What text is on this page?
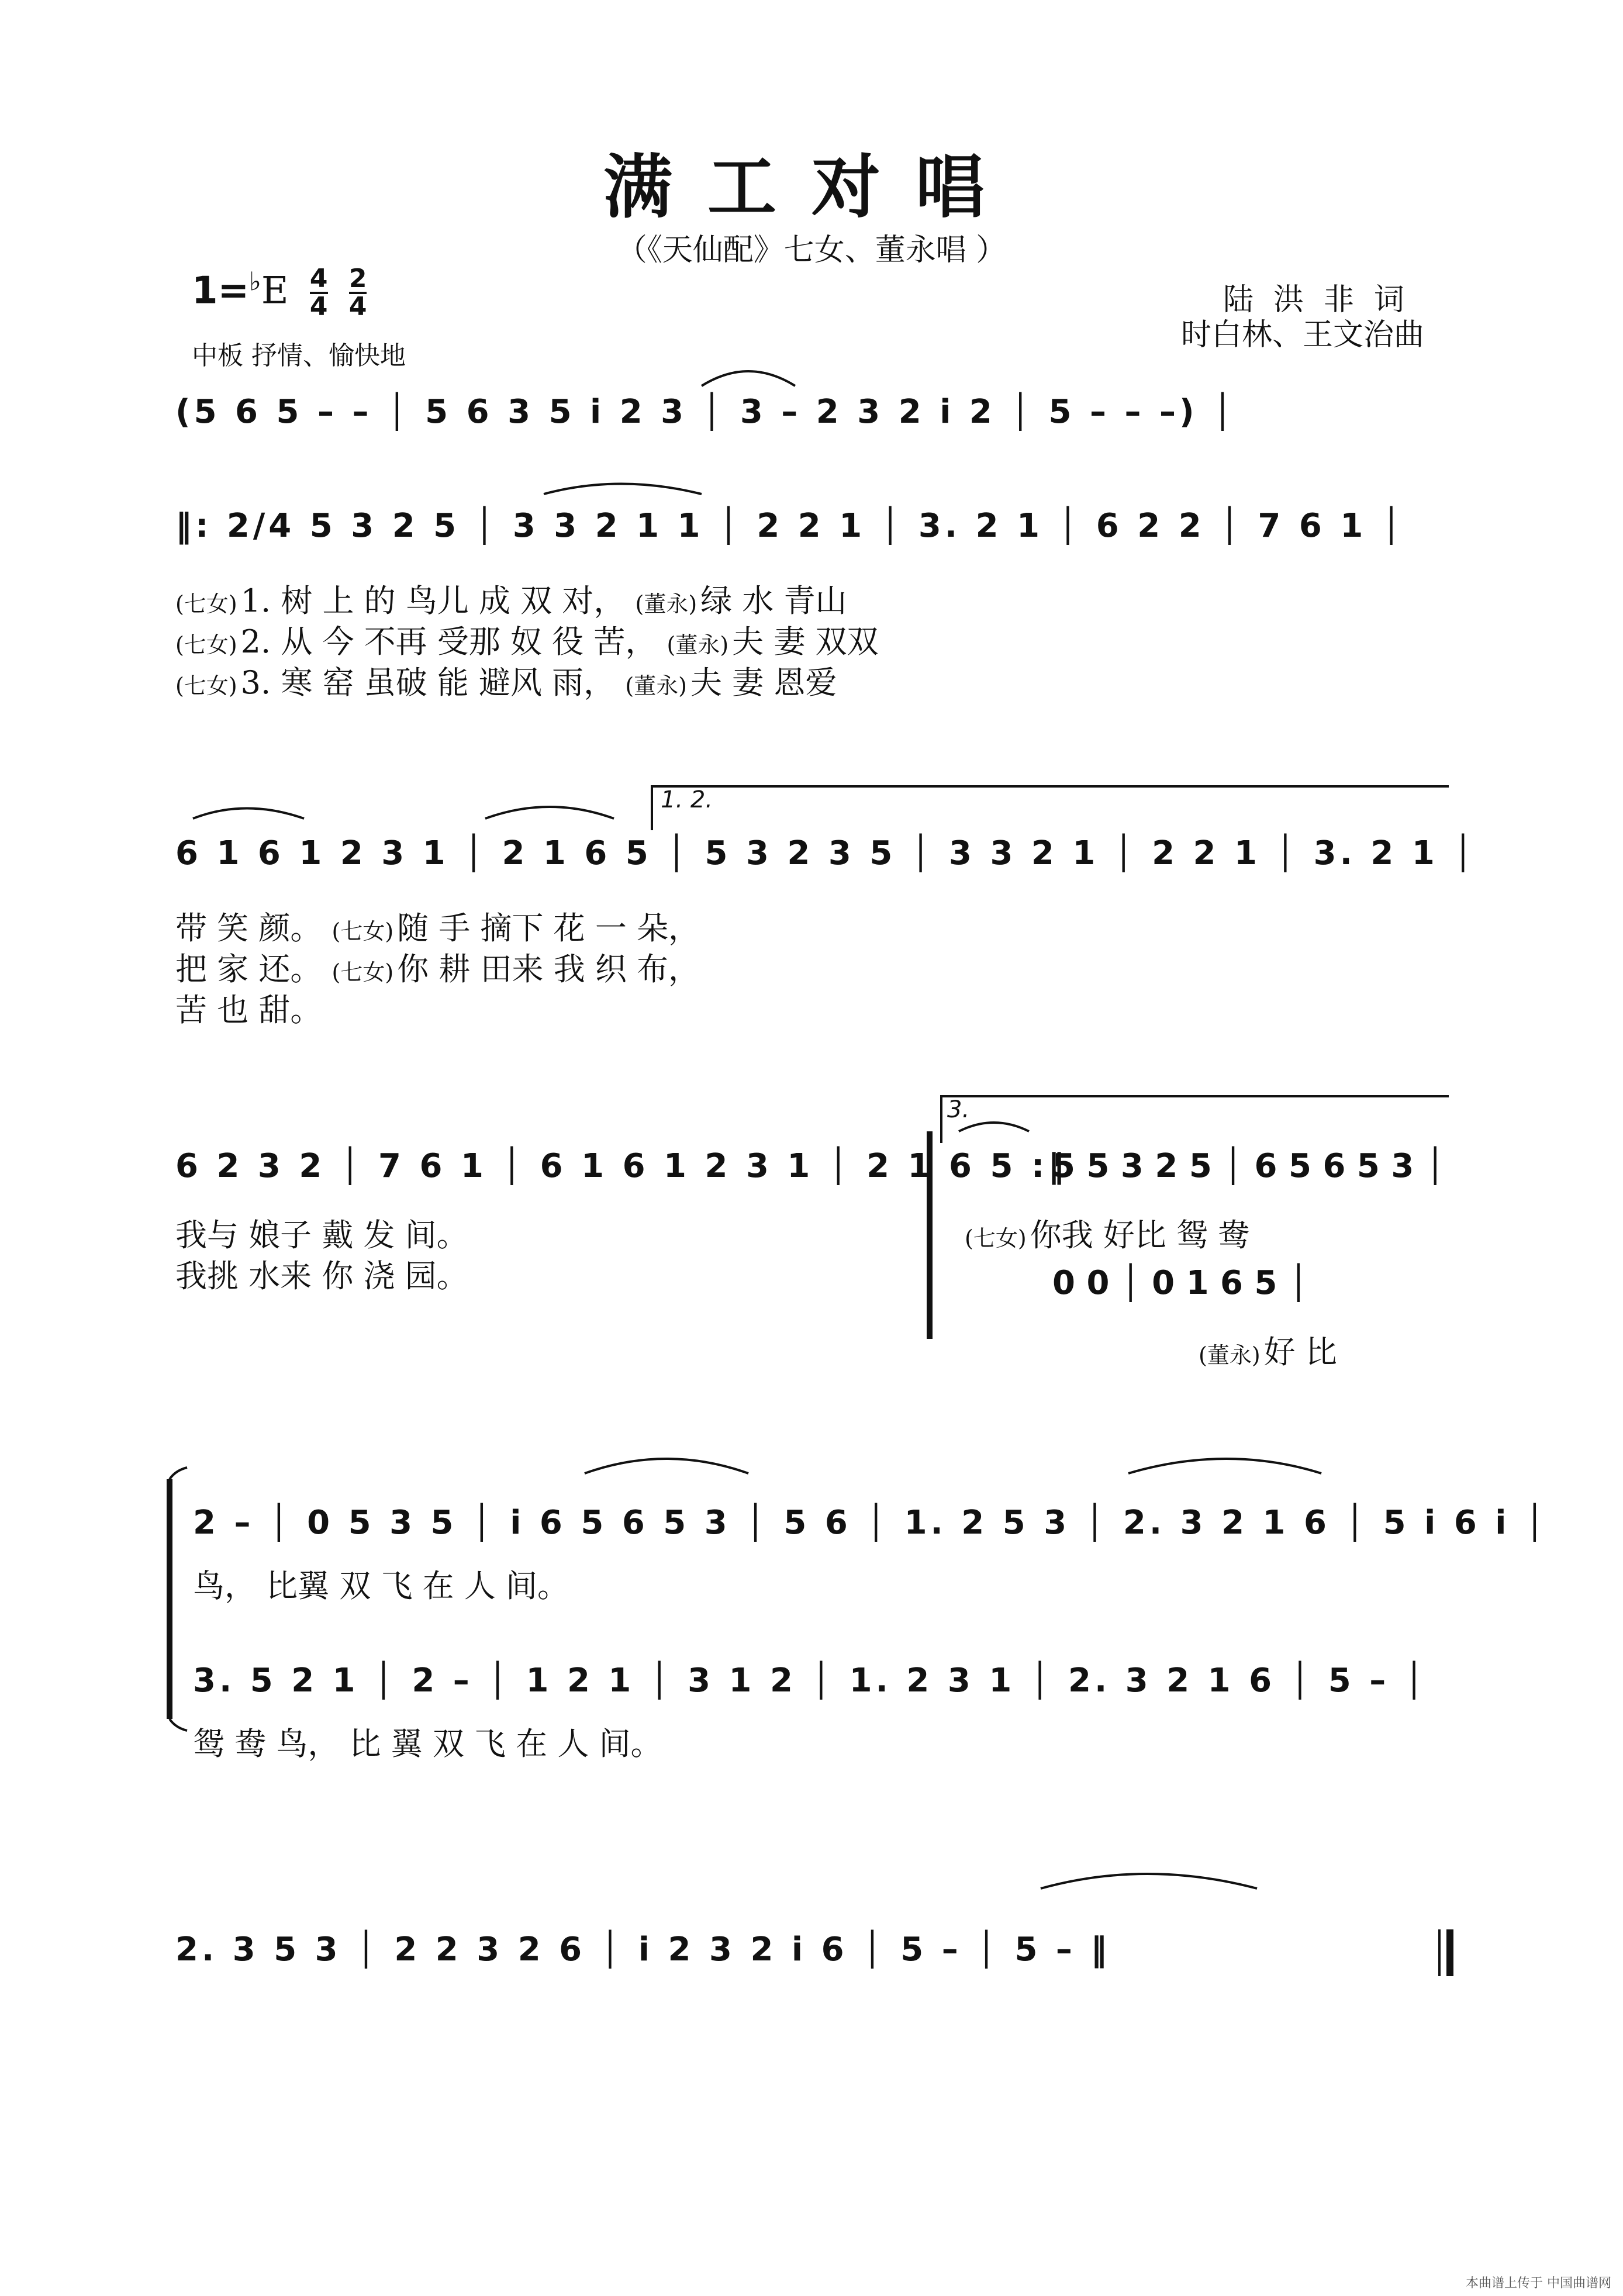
满工对唱
（《天仙配》七女、董永唱 ）
$1=^♭E \frac{4}{4}$
$\frac{2}{4}$
中板 抒情、愉快地
陆洪非词
时白林、王文治曲
(5 6 5 – – │ 5 6 3 5 i 2 3 │ 3 – 2 3 2 i 2 │ 5 – – –) │
‖: 2/4 5 3 2 5 │ 3 3 2 1 1 │ 2 2 1 │ 3. 2 1 │ 6 2 2 │ 7 6 1 │
(七女) 1. 树 上 的 鸟儿 成 双 对， (董永) 绿 水 青山
(七女) 2. 从 今 不再 受那 奴 役 苦， (董永) 夫 妻 双双
(七女) 3. 寒 窑 虽破 能 避风 雨， (董永) 夫 妻 恩爱
1. 2.
6 1 6 1 2 3 1 │ 2 1 6 5 │ 5 3 2 3 5 │ 3 3 2 1 │ 2 2 1 │ 3. 2 1 │
带 笑 颜。 (七女) 随 手 摘下 花 一 朵，
把 家 还。 (七女) 你 耕 田来 我 织 布，
苦 也 甜。
6 2 3 2 │ 7 6 1 │ 6 1 6 1 2 3 1 │ 2 1 6 5 :‖
我与 娘子 戴 发 间。
我挑 水来 你 浇 园。
3.
5 5 3 2 5 │ 6 5 6 5 3 │
(七女) 你我 好比 鸳 鸯
0 0 │ 0 1 6 5 │
(董永) 好 比
2 – │ 0 5 3 5 │ i 6 5 6 5 3 │ 5 6 │ 1. 2 5 3 │ 2. 3 2 1 6 │ 5 i 6 i │
鸟， 比翼 双 飞 在 人 间。
3. 5 2 1 │ 2 – │ 1 2 1 │ 3 1 2 │ 1. 2 3 1 │ 2. 3 2 1 6 │ 5 – │
鸳 鸯 鸟， 比 翼 双 飞 在 人 间。
2. 3 5 3 │ 2 2 3 2 6 │ i 2 3 2 i 6 │ 5 – │ 5 – ‖
本曲谱上传于 中国曲谱网
